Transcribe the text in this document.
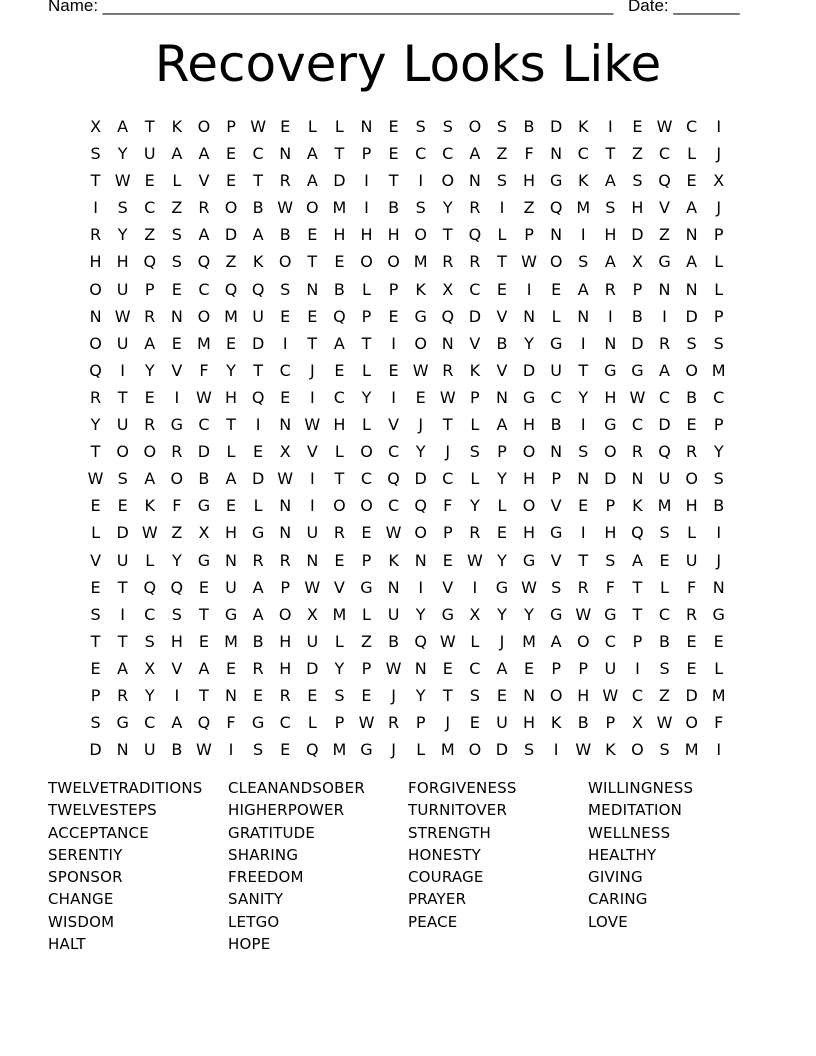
Name: ______________________________________________________ Date: _______
Recovery Looks Like
X	A	T	K O P W E	L	L	N	E	S	S O S	B D K	I	E W C	I
S	Y	U A	A	E	C N A	T	P	E	C C	A	Z	F	N C	T	Z	C	L	J
T W E	L	V	E	T	R	A D	I	T	I	O N	S	H G K	A	S Q E	X
I	S	C	Z	R O B W O M	I	B	S	Y	R	I	Z Q M S	H V	A	J
R	Y	Z	S	A D A	B	E	H H H O T Q	L	P	N	I	H D Z N	P
H H Q S Q Z	K O T	E O O M R R	T W O S	A	X G A	L
O U	P	E	C Q Q S	N B	L	P	K	X	C	E	I	E	A	R	P	N N	L
N W R N O M U	E	E Q P	E G Q D V N	L	N	I	B	I	D	P
O U A	E M E D	I	T	A	T	I	O N V	B	Y	G	I	N D R	S	S
Q	I	Y	V	F	Y	T	C	J	E	L	E W R	K	V D U	T	G G A O M
R	T	E	I	W H Q E	I	C	Y	I	E W P	N G C	Y	H W C	B	C
Y	U R G C	T	I	N W H	L	V	J	T	L	A H B	I	G C D E	P
T O O R D	L	E	X	V	L	O C	Y	J	S	P O N	S O R Q R	Y
W S	A O B	A D W	I	T	C Q D C	L	Y	H	P	N D N U O S
E	E	K	F	G E	L	N	I	O O C Q	F	Y	L	O V	E	P	K M H B
L	D W Z	X H G N U R	E W O P	R	E	H G	I	H Q S	L	I
V U	L	Y	G N R R N	E	P	K N	E W Y	G V	T	S	A	E	U	J
E	T Q Q E	U A	P W V G N	I	V	I	G W S	R	F	T	L	F	N
S	I	C	S	T	G A O X M L	U	Y	G X	Y	Y	G W G	T	C R G
T	T	S	H	E M B H U	L	Z	B Q W L	J	M A O C	P	B	E	E
E	A	X	V	A	E	R H D	Y	P W N	E	C	A	E	P	P	U	I	S	E	L
P	R	Y	I	T	N	E	R	E	S	E	J	Y	T	S	E	N O H W C	Z D M
S G C	A Q	F	G C	L	P W R	P	J	E	U H K	B	P	X W O	F
D N U B W	I	S	E Q M G	J	L M O D S	I	W K O S M	I
TWELVETRADITIONS
TWELVESTEPS
ACCEPTANCE
SERENTIY
SPONSOR
CHANGE
WISDOM
HALT
CLEANANDSOBER
HIGHERPOWER
GRATITUDE
SHARING
FREEDOM
SANITY
LETGO
HOPE
FORGIVENESS
TURNITOVER
STRENGTH
HONESTY
COURAGE
PRAYER
PEACE
WILLINGNESS
MEDITATION
WELLNESS
HEALTHY
GIVING
CARING
LOVE
